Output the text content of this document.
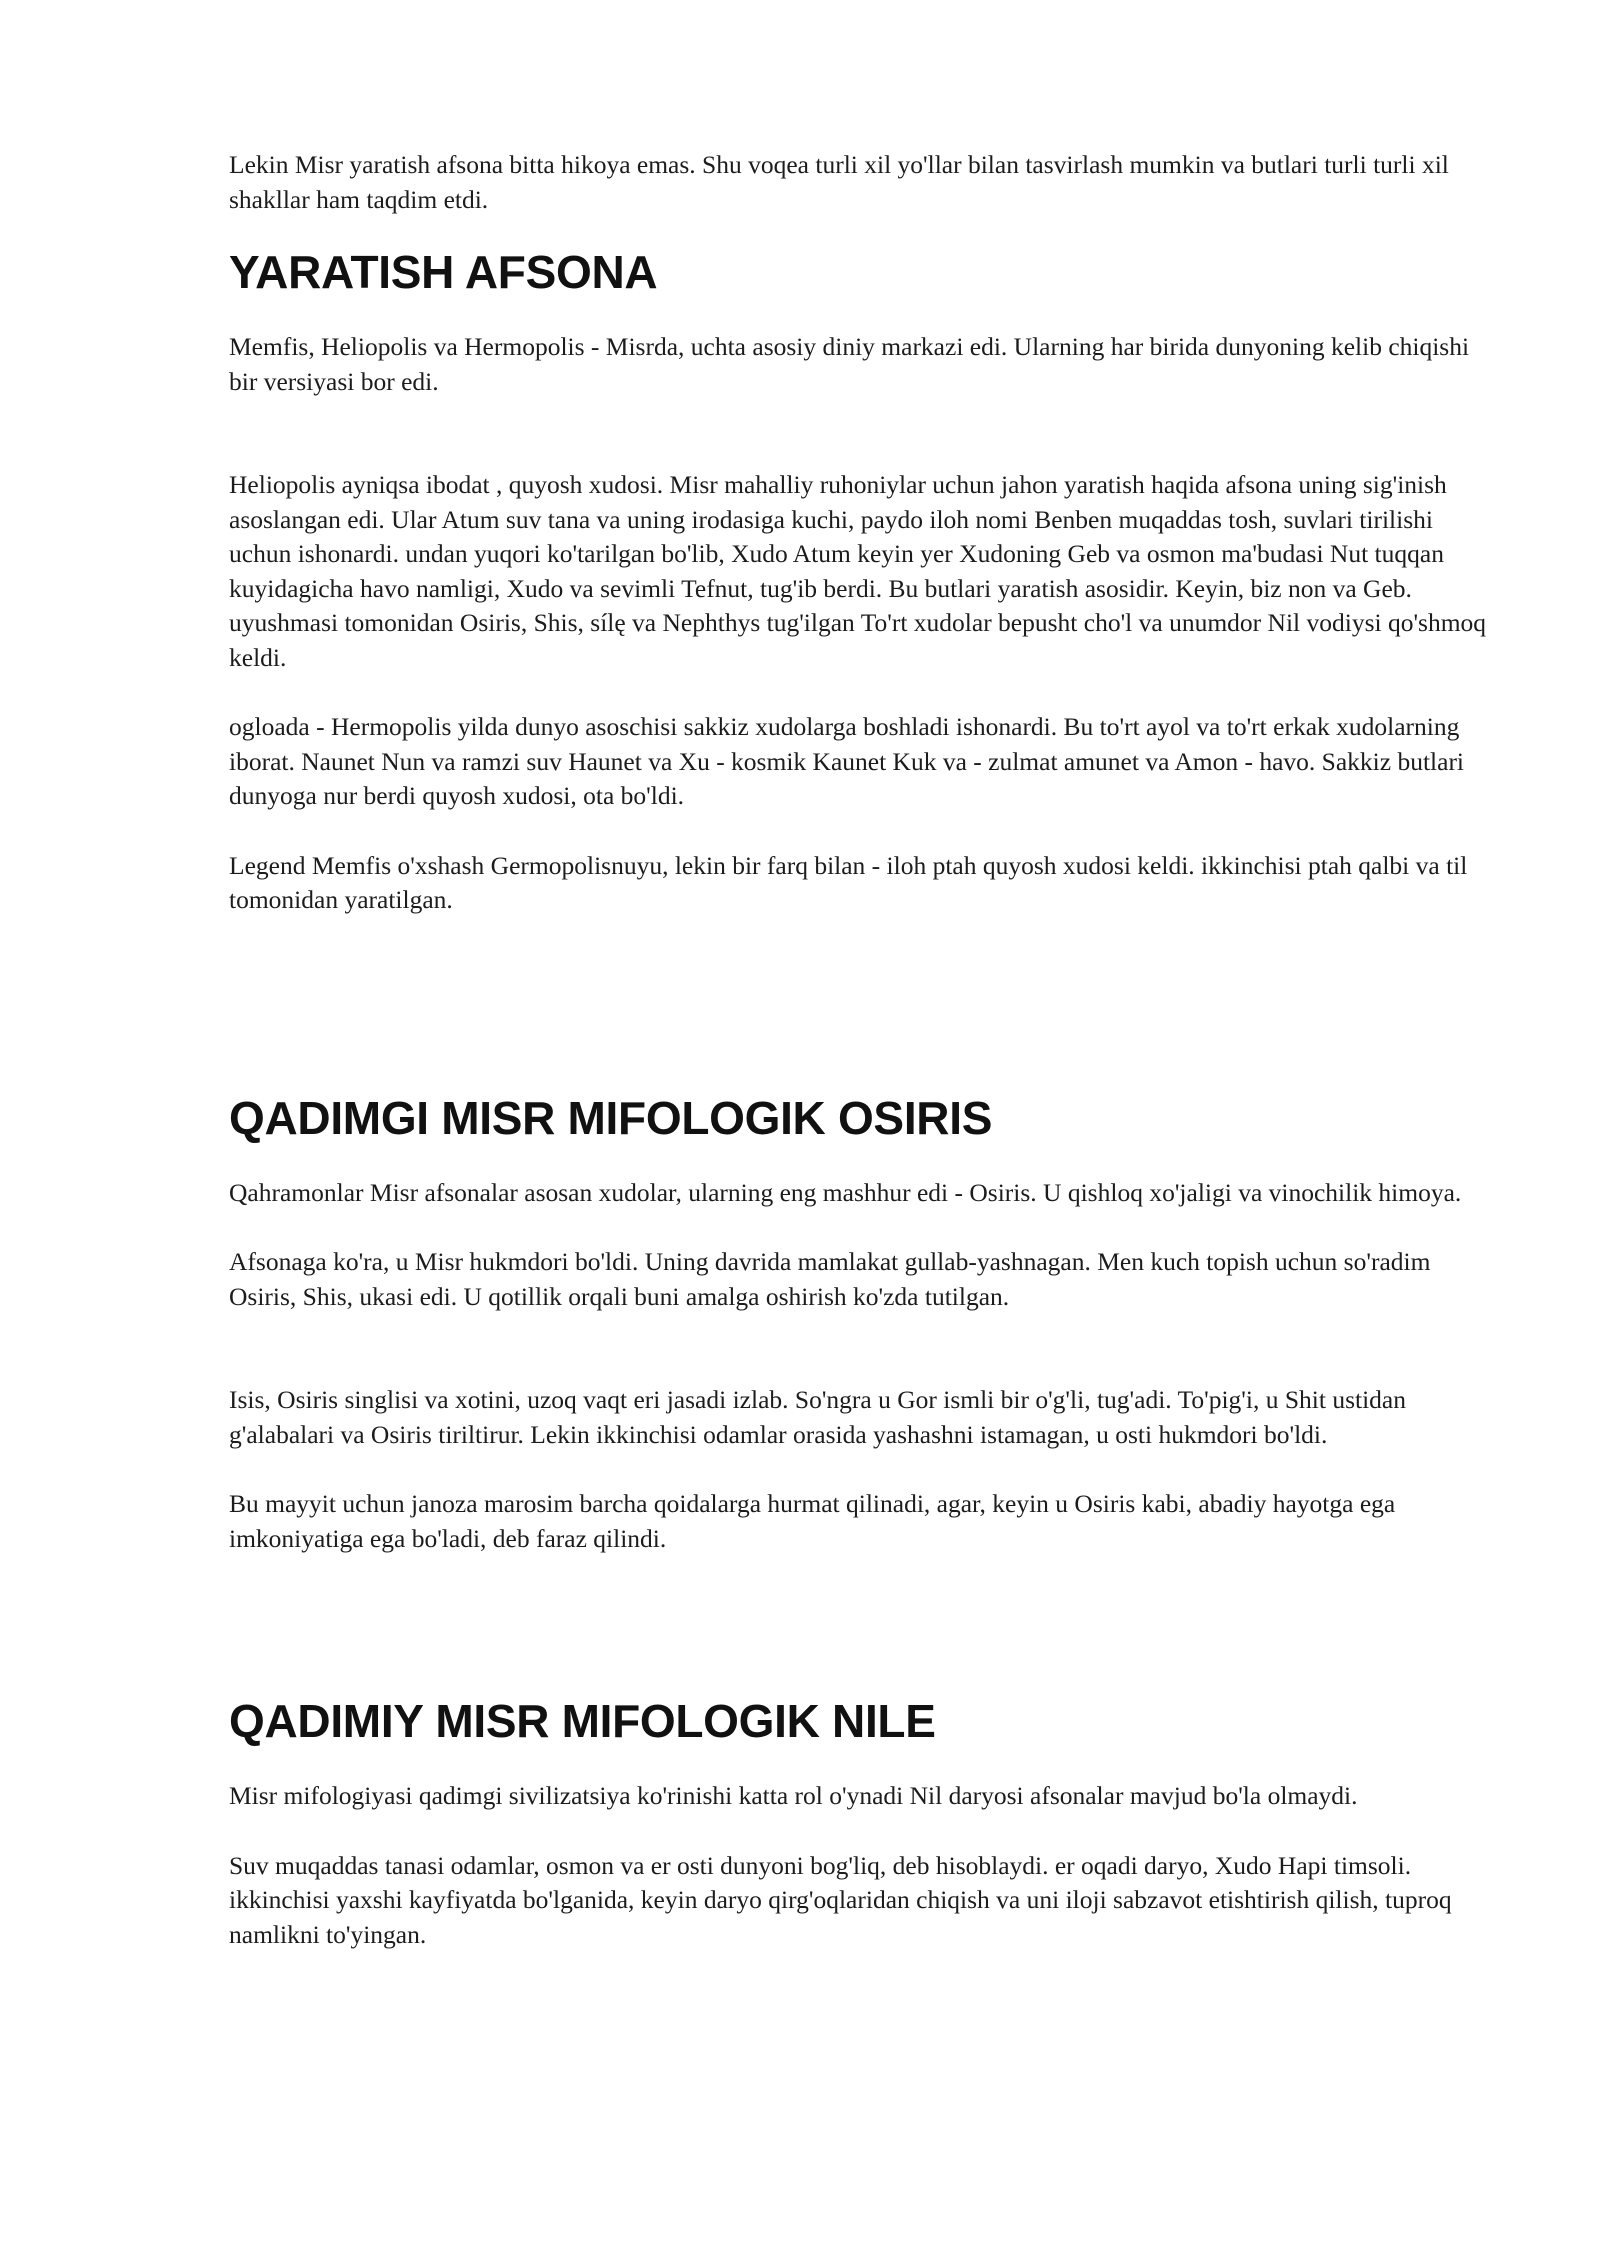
Lekin Misr yaratish afsona bitta hikoya emas. Shu voqea turli xil yo'llar bilan tasvirlash mumkin va butlari turli turli xil shakllar ham taqdim etdi.

YARATISH AFSONA

Memfis, Heliopolis va Hermopolis - Misrda, uchta asosiy diniy markazi edi. Ularning har birida dunyoning kelib chiqishi bir versiyasi bor edi.

Heliopolis ayniqsa ibodat , quyosh xudosi. Misr mahalliy ruhoniylar uchun jahon yaratish haqida afsona uning sig'inish asoslangan edi. Ular Atum suv tana va uning irodasiga kuchi, paydo iloh nomi Benben muqaddas tosh, suvlari tirilishi uchun ishonardi. undan yuqori ko'tarilgan bo'lib, Xudo Atum keyin yer Xudoning Geb va osmon ma'budasi Nut tuqqan kuyidagicha havo namligi, Xudo va sevimli Tefnut, tug'ib berdi. Bu butlari yaratish asosidir. Keyin, biz non va Geb. uyushmasi tomonidan Osiris, Shis, sílę va Nephthys tug'ilgan To'rt xudolar bepusht cho'l va unumdor Nil vodiysi qo'shmoq keldi.

ogloada - Hermopolis yilda dunyo asoschisi sakkiz xudolarga boshladi ishonardi. Bu to'rt ayol va to'rt erkak xudolarning iborat. Naunet Nun va ramzi suv Haunet va Xu - kosmik Kaunet Kuk va - zulmat amunet va Amon - havo. Sakkiz butlari dunyoga nur berdi quyosh xudosi, ota bo'ldi.

Legend Memfis o'xshash Germopolisnuyu, lekin bir farq bilan - iloh ptah quyosh xudosi keldi. ikkinchisi ptah qalbi va til tomonidan yaratilgan.

QADIMGI MISR MIFOLOGIK OSIRIS

Qahramonlar Misr afsonalar asosan xudolar, ularning eng mashhur edi - Osiris. U qishloq xo'jaligi va vinochilik himoya.

Afsonaga ko'ra, u Misr hukmdori bo'ldi. Uning davrida mamlakat gullab-yashnagan. Men kuch topish uchun so'radim Osiris, Shis, ukasi edi. U qotillik orqali buni amalga oshirish ko'zda tutilgan.

Isis, Osiris singlisi va xotini, uzoq vaqt eri jasadi izlab. So'ngra u Gor ismli bir o'g'li, tug'adi. To'pig'i, u Shit ustidan g'alabalari va Osiris tiriltirur. Lekin ikkinchisi odamlar orasida yashashni istamagan, u osti hukmdori bo'ldi.

Bu mayyit uchun janoza marosim barcha qoidalarga hurmat qilinadi, agar, keyin u Osiris kabi, abadiy hayotga ega imkoniyatiga ega bo'ladi, deb faraz qilindi.

QADIMIY MISR MIFOLOGIK NILE

Misr mifologiyasi qadimgi sivilizatsiya ko'rinishi katta rol o'ynadi Nil daryosi afsonalar mavjud bo'la olmaydi.

Suv muqaddas tanasi odamlar, osmon va er osti dunyoni bog'liq, deb hisoblaydi. er oqadi daryo, Xudo Hapi timsoli. ikkinchisi yaxshi kayfiyatda bo'lganida, keyin daryo qirg'oqlaridan chiqish va uni iloji sabzavot etishtirish qilish, tuproq namlikni to'yingan.
